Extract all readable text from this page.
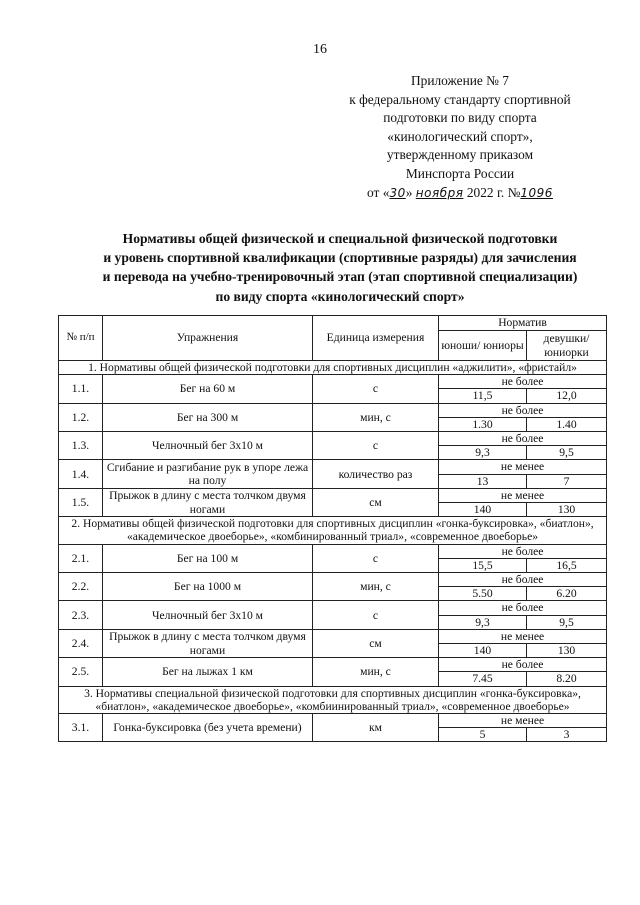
16
Приложение № 7
к федеральному стандарту спортивной
подготовки по виду спорта
«кинологический спорт»,
утвержденному приказом
Минспорта России
от «30» ноября 2022 г. №1096
Нормативы общей физической и специальной физической подготовки
и уровень спортивной квалификации (спортивные разряды) для зачисления
и перевода на учебно-тренировочный этап (этап спортивной специализации)
по виду спорта «кинологический спорт»
№ п/п	Упражнения	Единица измерения	Норматив	
			юноши/ юниоры	девушки/ юниорки
1. Нормативы общей физической подготовки для спортивных дисциплин «аджилити», «фристайл»				
1.1.	Бег на 60 м	с	не более	
			11,5	12,0
1.2.	Бег на 300 м	мин, с	не более	
			1.30	1.40
1.3.	Челночный бег 3х10 м	с	не более	
			9,3	9,5
1.4.	Сгибание и разгибание рук в упоре лежа на полу	количество раз	не менее	
			13	7
1.5.	Прыжок в длину с места толчком двумя ногами	см	не менее	
			140	130
2. Нормативы общей физической подготовки для спортивных дисциплин «гонка-буксировка», «биатлон», «академическое двоеборье», «комбинированный триал», «современное двоеборье»				
2.1.	Бег на 100 м	с	не более	
			15,5	16,5
2.2.	Бег на 1000 м	мин, с	не более	
			5.50	6.20
2.3.	Челночный бег 3х10 м	с	не более	
			9,3	9,5
2.4.	Прыжок в длину с места толчком двумя ногами	см	не менее	
			140	130
2.5.	Бег на лыжах 1 км	мин, с	не более	
			7.45	8.20
3. Нормативы специальной физической подготовки для спортивных дисциплин «гонка-буксировка», «биатлон», «академическое двоеборье», «комбиинированный триал», «современное двоеборье»				
3.1.	Гонка-буксировка (без учета времени)	км	не менее	
			5	3
